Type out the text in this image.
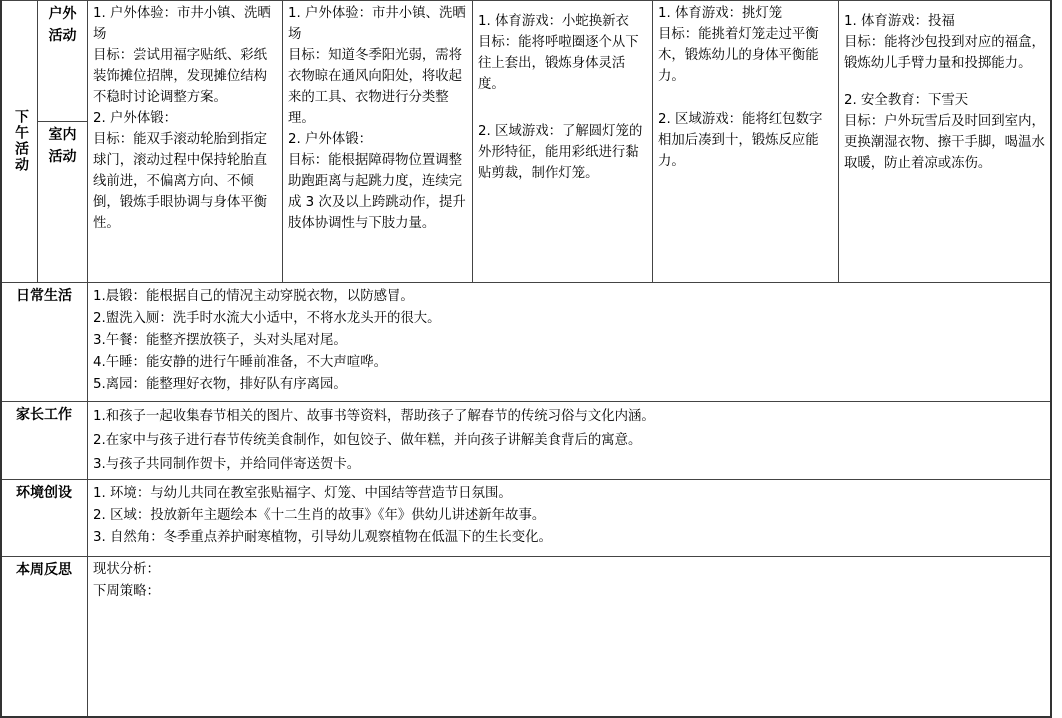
下午活动	户外活动	1. 户外体验：市井小镇、洗晒场
目标：尝试用福字贴纸、彩纸装饰摊位招牌，发现摊位结构不稳时讨论调整方案。
2. 户外体锻：
目标：能双手滚动轮胎到指定球门，滚动过程中保持轮胎直线前进，不偏离方向、不倾倒，锻炼手眼协调与身体平衡性。	1. 户外体验：市井小镇、洗晒场
目标：知道冬季阳光弱，需将衣物晾在通风向阳处，将收起来的工具、衣物进行分类整理。
2. 户外体锻：
目标：能根据障碍物位置调整助跑距离与起跳力度，连续完成 3 次及以上跨跳动作，提升肢体协调性与下肢力量。	1. 体育游戏：小蛇换新衣
目标：能将呼啦圈逐个从下往上套出，锻炼身体灵活度。
2. 区域游戏：了解圆灯笼的外形特征，能用彩纸进行黏贴剪裁，制作灯笼。	1. 体育游戏：挑灯笼
目标：能挑着灯笼走过平衡木，锻炼幼儿的身体平衡能力。
2. 区域游戏：能将红包数字相加后凑到十，锻炼反应能力。	1. 体育游戏：投福
目标：能将沙包投到对应的福盒，锻炼幼儿手臂力量和投掷能力。
2. 安全教育：下雪天
目标：户外玩雪后及时回到室内，更换潮湿衣物、擦干手脚，喝温水取暖，防止着凉或冻伤。

	室内活动					
日常生活		1.晨锻：能根据自己的情况主动穿脱衣物，以防感冒。
2.盥洗入厕：洗手时水流大小适中，不将水龙头开的很大。
3.午餐：能整齐摆放筷子，头对头尾对尾。
4.午睡：能安静的进行午睡前准备，不大声喧哗。
5.离园：能整理好衣物，排好队有序离园。				

家长工作		1.和孩子一起收集春节相关的图片、故事书等资料，帮助孩子了解春节的传统习俗与文化内涵。
2.在家中与孩子进行春节传统美食制作，如包饺子、做年糕，并向孩子讲解美食背后的寓意。
3.与孩子共同制作贺卡，并给同伴寄送贺卡。				

环境创设		1. 环境：与幼儿共同在教室张贴福字、灯笼、中国结等营造节日氛围。
2. 区域：投放新年主题绘本《十二生肖的故事》《年》供幼儿讲述新年故事。
3. 自然角：冬季重点养护耐寒植物，引导幼儿观察植物在低温下的生长变化。				

本周反思		现状分析：
下周策略：				
